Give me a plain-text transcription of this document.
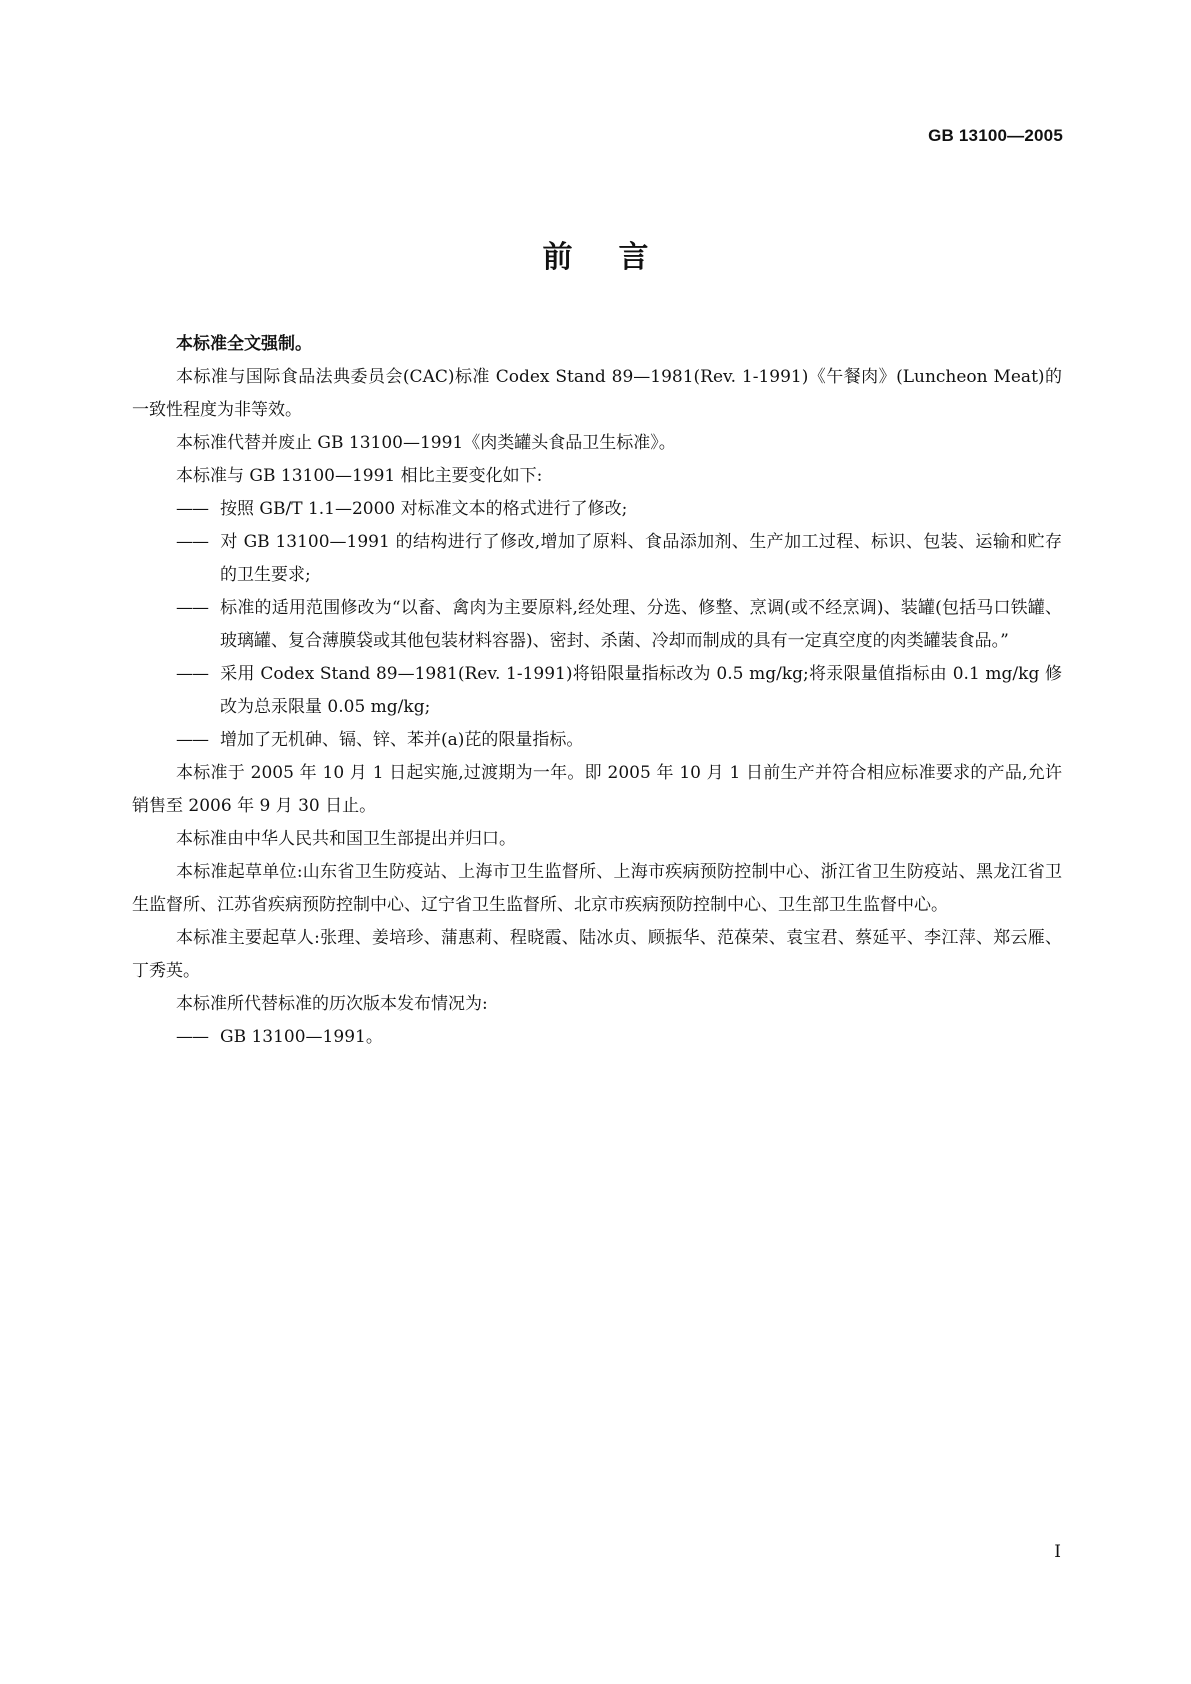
GB 13100—2005
前言

本标准全文强制。

本标准与国际食品法典委员会(CAC)标准 Codex Stand 89—1981(Rev. 1-1991)《午餐肉》(Luncheon Meat)的一致性程度为非等效。

本标准代替并废止 GB 13100—1991《肉类罐头食品卫生标准》。

本标准与 GB 13100—1991 相比主要变化如下:

—— 按照 GB/T 1.1—2000 对标准文本的格式进行了修改;

—— 对 GB 13100—1991 的结构进行了修改,增加了原料、食品添加剂、生产加工过程、标识、包装、运输和贮存的卫生要求;

—— 标准的适用范围修改为“以畜、禽肉为主要原料,经处理、分选、修整、烹调(或不经烹调)、装罐(包括马口铁罐、玻璃罐、复合薄膜袋或其他包装材料容器)、密封、杀菌、冷却而制成的具有一定真空度的肉类罐装食品。”

—— 采用 Codex Stand 89—1981(Rev. 1-1991)将铅限量指标改为 0.5 mg/kg;将汞限量值指标由 0.1 mg/kg 修改为总汞限量 0.05 mg/kg;

—— 增加了无机砷、镉、锌、苯并(a)芘的限量指标。

本标准于 2005 年 10 月 1 日起实施,过渡期为一年。即 2005 年 10 月 1 日前生产并符合相应标准要求的产品,允许销售至 2006 年 9 月 30 日止。

本标准由中华人民共和国卫生部提出并归口。

本标准起草单位:山东省卫生防疫站、上海市卫生监督所、上海市疾病预防控制中心、浙江省卫生防疫站、黑龙江省卫生监督所、江苏省疾病预防控制中心、辽宁省卫生监督所、北京市疾病预防控制中心、卫生部卫生监督中心。

本标准主要起草人:张理、姜培珍、蒲惠莉、程晓霞、陆冰贞、顾振华、范葆荣、袁宝君、蔡延平、李江萍、郑云雁、丁秀英。

本标准所代替标准的历次版本发布情况为:

—— GB 13100—1991。

I
